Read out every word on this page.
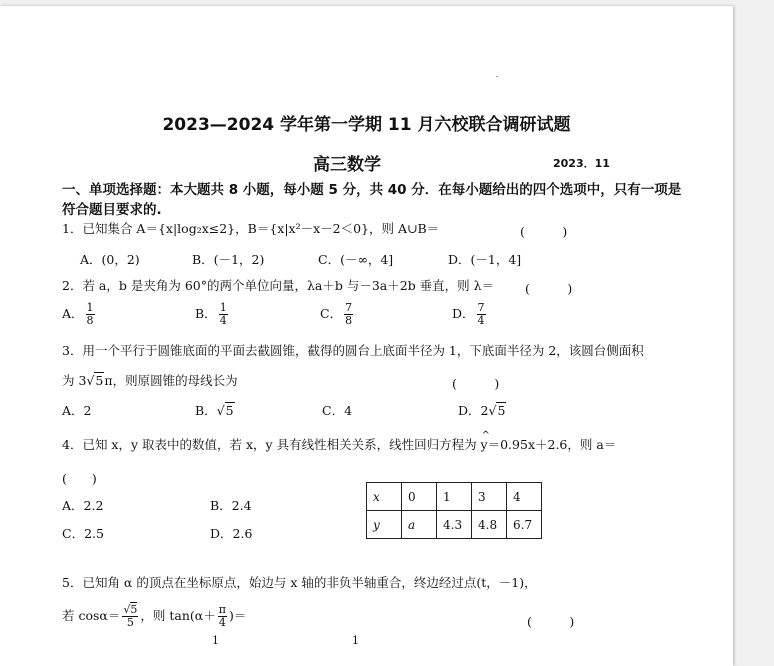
2023—2024 学年第一学期 11 月六校联合调研试题
高三数学	2023．11
一、单项选择题：本大题共 8 小题，每小题 5 分，共 40 分．在每小题给出的四个选项中，只有一项是符合题目要求的.
1．已知集合 A＝{x|log₂x≤2}，B＝{x|x²－x－2＜0}，则 A∪B＝	(　　　)
A．(0，2)	B．(－1，2)	C．(－∞，4]	D．(－1，4]
2．若 a，b 是夹角为 60°的两个单位向量，λa＋b 与－3a＋2b 垂直，则 λ＝ (　　　)
A． $\frac{1}{8}$	B． $\frac{1}{4}$	C． $\frac{7}{8}$	D． $\frac{7}{4}$
3．用一个平行于圆锥底面的平面去截圆锥，截得的圆台上底面半径为 1，下底面半径为 2，该圆台侧面积
为 3√5π，则原圆锥的母线长为	(　　　)
A．2	B．√5	C．4	D．2√5
4．已知 x，y 取表中的数值，若 x，y 具有线性相关关系，线性回归方程为 ^ y＝0.95x＋2.6，则 a＝
(　　)
A．2.2	B．2.4
C．2.5	D．2.6
x	0	1	3	4
y	a	4.3	4.8	6.7
5．已知角 α 的顶点在坐标原点，始边与 x 轴的非负半轴重合，终边经过点(t，－1)，
若 $\cos\alpha= \frac{√5}{5}$ ，则 $\tan(\alpha+ \frac{\pi}{4}$ )＝	(　　　)
1	1
